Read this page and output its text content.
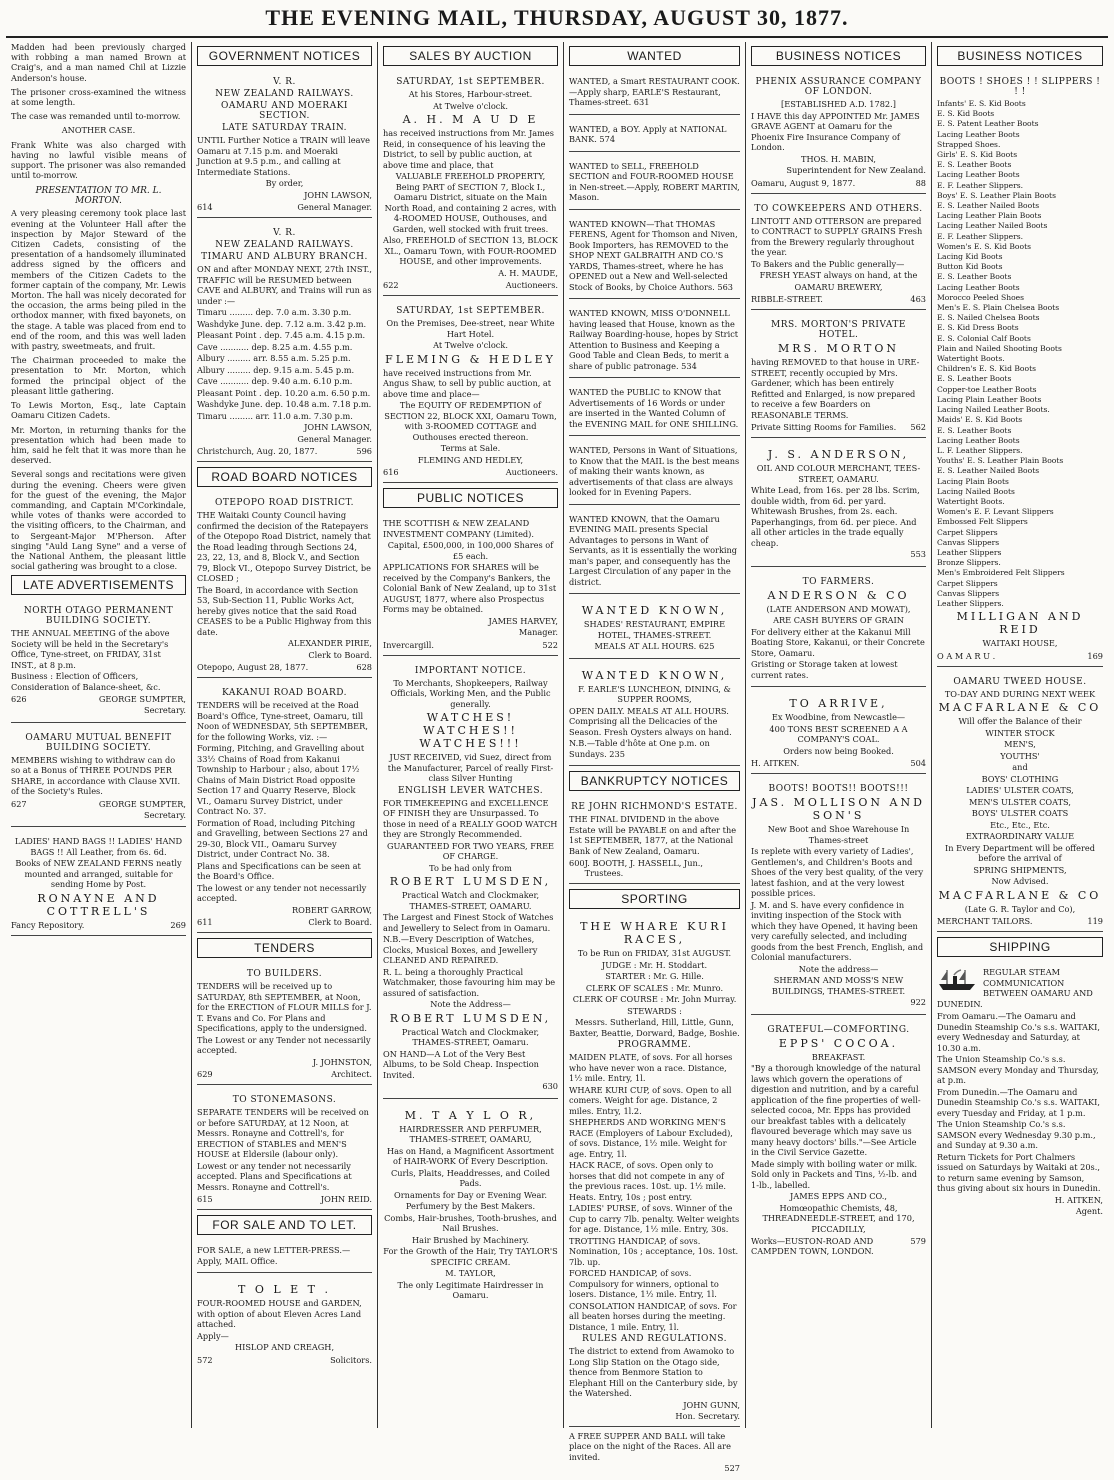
THE EVENING MAIL, THURSDAY, AUGUST 30, 1877.

Madden had been previously charged with robbing a man named Brown at Craig's, and a man named Chil at Lizzie Anderson's house.

The prisoner cross-examined the witness at some length.

The case was remanded until to-morrow.

ANOTHER CASE.

Frank White was also charged with having no lawful visible means of support. The prisoner was also remanded until to-morrow.

PRESENTATION TO MR. L. MORTON.

A very pleasing ceremony took place last evening at the Volunteer Hall after the inspection by Major Steward of the Citizen Cadets, consisting of the presentation of a handsomely illuminated address signed by the officers and members of the Citizen Cadets to the former captain of the company, Mr. Lewis Morton. The hall was nicely decorated for the occasion, the arms being piled in the orthodox manner, with fixed bayonets, on the stage. A table was placed from end to end of the room, and this was well laden with pastry, sweetmeats, and fruit.

The Chairman proceeded to make the presentation to Mr. Morton, which formed the principal object of the pleasant little gathering.

To Lewis Morton, Esq., late Captain Oamaru Citizen Cadets.

Mr. Morton, in returning thanks for the presentation which had been made to him, said he felt that it was more than he deserved.

Several songs and recitations were given during the evening. Cheers were given for the guest of the evening, the Major commanding, and Captain M'Corkindale, while votes of thanks were accorded to the visiting officers, to the Chairman, and to Sergeant-Major M'Pherson. After singing "Auld Lang Syne" and a verse of the National Anthem, the pleasant little social gathering was brought to a close.

LATE ADVERTISEMENTS
NORTH OTAGO PERMANENT BUILDING SOCIETY.
THE ANNUAL MEETING of the above Society will be held in the Secretary's Office, Tyne-street, on FRIDAY, 31st INST., at 8 p.m.
Business : Election of Officers, Consideration of Balance-sheet, &c.
626	GEORGE SUMPTER,
Secretary.
OAMARU MUTUAL BENEFIT BUILDING SOCIETY.
MEMBERS wishing to withdraw can do so at a Bonus of THREE POUNDS PER SHARE, in accordance with Clause XVII. of the Society's Rules.
627	GEORGE SUMPTER,
Secretary.
LADIES' HAND BAGS !! LADIES' HAND BAGS !! All Leather, from 6s. 6d.
Books of NEW ZEALAND FERNS neatly mounted and arranged, suitable for sending Home by Post.
RONAYNE AND COTTRELL'S
Fancy Repository.	269
GOVERNMENT NOTICES
V. R.
NEW ZEALAND RAILWAYS.
OAMARU AND MOERAKI SECTION.
LATE SATURDAY TRAIN.
UNTIL Further Notice a TRAIN will leave Oamaru at 7.15 p.m. and Moeraki Junction at 9.5 p.m., and calling at Intermediate Stations.
By order,
JOHN LAWSON,
614	General Manager.
V. R.
NEW ZEALAND RAILWAYS.
TIMARU AND ALBURY BRANCH.
ON and after MONDAY NEXT, 27th INST., TRAFFIC will be RESUMED between CAVE and ALBURY, and Trains will run as under :—
Timaru ......... dep. 7.0 a.m. 3.30 p.m.
Washdyke June. dep. 7.12 a.m. 3.42 p.m.
Pleasant Point . dep. 7.45 a.m. 4.15 p.m.
Cave ........... dep. 8.25 a.m. 4.55 p.m.
Albury ......... arr. 8.55 a.m. 5.25 p.m.
Albury ......... dep. 9.15 a.m. 5.45 p.m.
Cave ........... dep. 9.40 a.m. 6.10 p.m.
Pleasant Point . dep. 10.20 a.m. 6.50 p.m.
Washdyke June. dep. 10.48 a.m. 7.18 p.m.
Timaru ......... arr. 11.0 a.m. 7.30 p.m.
JOHN LAWSON,
General Manager.
Christchurch, Aug. 20, 1877.	596
ROAD BOARD NOTICES
OTEPOPO ROAD DISTRICT.
THE Waitaki County Council having confirmed the decision of the Ratepayers of the Otepopo Road District, namely that the Road leading through Sections 24, 23, 22, 13, and 8, Block V., and Section 79, Block VI., Otepopo Survey District, be CLOSED ;
The Board, in accordance with Section 53, Sub-Section 11, Public Works Act, hereby gives notice that the said Road CEASES to be a Public Highway from this date.
ALEXANDER PIRIE,
Clerk to Board.
Otepopo, August 28, 1877.	628
KAKANUI ROAD BOARD.
TENDERS will be received at the Road Board's Office, Tyne-street, Oamaru, till Noon of WEDNESDAY, 5th SEPTEMBER, for the following Works, viz. :—
Forming, Pitching, and Gravelling about 33½ Chains of Road from Kakanui Township to Harbour ; also, about 17½ Chains of Main District Road opposite Section 17 and Quarry Reserve, Block VI., Oamaru Survey District, under Contract No. 37.
Formation of Road, including Pitching and Gravelling, between Sections 27 and 29-30, Block VII., Oamaru Survey District, under Contract No. 38.
Plans and Specifications can be seen at the Board's Office.
The lowest or any tender not necessarily accepted.
ROBERT GARROW,
611	Clerk to Board.
TENDERS
TO BUILDERS.
TENDERS will be received up to SATURDAY, 8th SEPTEMBER, at Noon, for the ERECTION of FLOUR MILLS for J. T. Evans and Co. For Plans and Specifications, apply to the undersigned.
The Lowest or any Tender not necessarily accepted.
J. JOHNSTON,
629	Architect.
TO STONEMASONS.
SEPARATE TENDERS will be received on or before SATURDAY, at 12 Noon, at Messrs. Ronayne and Cottrell's, for ERECTION of STABLES and MEN'S HOUSE at Eldersile (labour only).
Lowest or any tender not necessarily accepted. Plans and Specifications at Messrs. Ronayne and Cottrell's.
615	JOHN REID.
FOR SALE AND TO LET.
FOR SALE, a new LETTER-PRESS.— Apply, MAIL Office.
T O L E T .
FOUR-ROOMED HOUSE and GARDEN, with option of about Eleven Acres Land attached.
Apply—
HISLOP AND CREAGH,
572	Solicitors.
SALES BY AUCTION
SATURDAY, 1st SEPTEMBER.
At his Stores, Harbour-street.
At Twelve o'clock.
A. H. M A U D E
has received instructions from Mr. James Reid, in consequence of his leaving the District, to sell by public auction, at above time and place, that
VALUABLE FREEHOLD PROPERTY, Being PART of SECTION 7, Block I., Oamaru District, situate on the Main North Road, and containing 2 acres, with 4-ROOMED HOUSE, Outhouses, and Garden, well stocked with fruit trees.
Also, FREEHOLD of SECTION 13, BLOCK XL., Oamaru Town, with FOUR-ROOMED HOUSE, and other improvements.
A. H. MAUDE,
622	Auctioneers.
SATURDAY, 1st SEPTEMBER.
On the Premises, Dee-street, near White Hart Hotel.
At Twelve o'clock.
FLEMING & HEDLEY
have received instructions from Mr. Angus Shaw, to sell by public auction, at above time and place—
The EQUITY OF REDEMPTION of SECTION 22, BLOCK XXI, Oamaru Town, with 3-ROOMED COTTAGE and Outhouses erected thereon.
Terms at Sale.
FLEMING AND HEDLEY,
616	Auctioneers.
PUBLIC NOTICES
THE SCOTTISH & NEW ZEALAND INVESTMENT COMPANY (Limited).
Capital, £500,000, in 100,000 Shares of £5 each.
APPLICATIONS FOR SHARES will be received by the Company's Bankers, the Colonial Bank of New Zealand, up to 31st AUGUST, 1877, where also Prospectus Forms may be obtained.
JAMES HARVEY,
Manager.
Invercargill.	522
IMPORTANT NOTICE.
To Merchants, Shopkeepers, Railway Officials, Working Men, and the Public generally.
WATCHES! WATCHES!! WATCHES!!!
JUST RECEIVED, vid Suez, direct from the Manufacturer, Parcel of really First-class Silver Hunting
ENGLISH LEVER WATCHES.
FOR TIMEKEEPING and EXCELLENCE OF FINISH they are Unsurpassed. To those in need of a REALLY GOOD WATCH they are Strongly Recommended.
GUARANTEED FOR TWO YEARS, FREE OF CHARGE.
To be had only from
ROBERT LUMSDEN,
Practical Watch and Clockmaker, THAMES-STREET, OAMARU.
The Largest and Finest Stock of Watches and Jewellery to Select from in Oamaru.
N.B.—Every Description of Watches, Clocks, Musical Boxes, and Jewellery CLEANED AND REPAIRED.
R. L. being a thoroughly Practical Watchmaker, those favouring him may be assured of satisfaction.
Note the Address—
ROBERT LUMSDEN,
Practical Watch and Clockmaker, THAMES-STREET, Oamaru.
ON HAND—A Lot of the Very Best Albums, to be Sold Cheap. Inspection Invited.
630
M. T A Y L O R,
HAIRDRESSER AND PERFUMER, THAMES-STREET, OAMARU,
Has on Hand, a Magnificent Assortment of HAIR-WORK Of Every Description.
Curls, Plaits, Headdresses, and Coiled Pads.
Ornaments for Day or Evening Wear.
Perfumery by the Best Makers.
Combs, Hair-brushes, Tooth-brushes, and Nail Brushes.
Hair Brushed by Machinery.
For the Growth of the Hair, Try TAYLOR'S SPECIFIC CREAM.
M. TAYLOR,
The only Legitimate Hairdresser in Oamaru.
WANTED
WANTED, a Smart RESTAURANT COOK.—Apply sharp, EARLE'S Restaurant, Thames-street. 631
WANTED, a BOY. Apply at NATIONAL BANK. 574
WANTED to SELL, FREEHOLD SECTION and FOUR-ROOMED HOUSE in Nen-street.—Apply, ROBERT MARTIN, Mason.
WANTED KNOWN—That THOMAS FERENS, Agent for Thomson and Niven, Book Importers, has REMOVED to the SHOP NEXT GALBRAITH AND CO.'S YARDS, Thames-street, where he has OPENED out a New and Well-selected Stock of Books, by Choice Authors. 563
WANTED KNOWN, MISS O'DONNELL having leased that House, known as the Railway Boarding-house, hopes by Strict Attention to Business and Keeping a Good Table and Clean Beds, to merit a share of public patronage. 534
WANTED the PUBLIC to KNOW that Advertisements of 16 Words or under are inserted in the Wanted Column of the EVENING MAIL for ONE SHILLING.
WANTED, Persons in Want of Situations, to Know that the MAIL is the best means of making their wants known, as advertisements of that class are always looked for in Evening Papers.
WANTED KNOWN, that the Oamaru EVENING MAIL presents Special Advantages to persons in Want of Servants, as it is essentially the working man's paper, and consequently has the Largest Circulation of any paper in the district.
WANTED KNOWN,
SHADES' RESTAURANT, EMPIRE HOTEL, THAMES-STREET.
MEALS AT ALL HOURS. 625
WANTED KNOWN,
F. EARLE'S LUNCHEON, DINING, & SUPPER ROOMS,
OPEN DAILY. MEALS AT ALL HOURS. Comprising all the Delicacies of the Season. Fresh Oysters always on hand.
N.B.—Table d'hôte at One p.m. on Sundays. 235
BANKRUPTCY NOTICES
RE JOHN RICHMOND'S ESTATE.
THE FINAL DIVIDEND in the above Estate will be PAYABLE on and after the 1st SEPTEMBER, 1877, at the National Bank of New Zealand, Oamaru.
600 J. BOOTH, J. HASSELL, Jun., Trustees.
SPORTING
THE WHARE KURI RACES,
To be Run on FRIDAY, 31st AUGUST.
JUDGE : Mr. H. Stoddart.
STARTER : Mr. G. Hille.
CLERK OF SCALES : Mr. Munro.
CLERK OF COURSE : Mr. John Murray.
STEWARDS :
Messrs. Sutherland, Hill, Little, Gunn, Baxter, Beattie, Dorward, Badge, Boshie.
PROGRAMME.
MAIDEN PLATE, of sovs. For all horses who have never won a race. Distance, 1½ mile. Entry, 1l.
WHARE KURI CUP, of sovs. Open to all comers. Weight for age. Distance, 2 miles. Entry, 1l.2.
SHEPHERDS AND WORKING MEN'S RACE (Employers of Labour Excluded), of sovs. Distance, 1½ mile. Weight for age. Entry, 1l.
HACK RACE, of sovs. Open only to horses that did not compete in any of the previous races. 10st. up. 1½ mile. Heats. Entry, 10s ; post entry.
LADIES' PURSE, of sovs. Winner of the Cup to carry 7lb. penalty. Welter weights for age. Distance, 1½ mile. Entry, 30s.
TROTTING HANDICAP, of sovs. Nomination, 10s ; acceptance, 10s. 10st. 7lb. up.
FORCED HANDICAP, of sovs. Compulsory for winners, optional to losers. Distance, 1½ mile. Entry, 1l.
CONSOLATION HANDICAP, of sovs. For all beaten horses during the meeting. Distance, 1 mile. Entry, 1l.
RULES AND REGULATIONS.
The district to extend from Awamoko to Long Slip Station on the Otago side, thence from Benmore Station to Elephant Hill on the Canterbury side, by the Watershed.
JOHN GUNN,
Hon. Secretary.
A FREE SUPPER AND BALL will take place on the night of the Races. All are invited.
527
BUSINESS NOTICES
PHENIX ASSURANCE COMPANY OF LONDON.
[ESTABLISHED A.D. 1782.]
I HAVE this day APPOINTED Mr. JAMES GRAVE AGENT at Oamaru for the Phoenix Fire Insurance Company of London.
THOS. H. MABIN,
Superintendent for New Zealand.
Oamaru, August 9, 1877.	88
TO COWKEEPERS AND OTHERS.
LINTOTT AND OTTERSON are prepared to CONTRACT to SUPPLY GRAINS Fresh from the Brewery regularly throughout the year.
To Bakers and the Public generally—
FRESH YEAST always on hand, at the
OAMARU BREWERY,
RIBBLE-STREET.	463
MRS. MORTON'S PRIVATE HOTEL.
MRS. MORTON
having REMOVED to that house in URE-STREET, recently occupied by Mrs. Gardener, which has been entirely Refitted and Enlarged, is now prepared to receive a few Boarders on REASONABLE TERMS.
Private Sitting Rooms for Families. 562
J. S. ANDERSON,
OIL AND COLOUR MERCHANT, TEES-STREET, OAMARU.
White Lead, from 16s. per 28 lbs. Scrim, double width, from 6d. per yard. Whitewash Brushes, from 2s. each. Paperhangings, from 6d. per piece. And all other articles in the trade equally cheap.
553
TO FARMERS.
ANDERSON & CO
(LATE ANDERSON AND MOWAT),
ARE CASH BUYERS OF GRAIN
For delivery either at the Kakanui Mill Boating Store, Kakanui, or their Concrete Store, Oamaru.
Gristing or Storage taken at lowest current rates.
TO ARRIVE,
Ex Woodbine, from Newcastle—
400 TONS BEST SCREENED A A COMPANY'S COAL.
Orders now being Booked.
H. AITKEN.	504
BOOTS! BOOTS!! BOOTS!!!
JAS. MOLLISON AND SON'S
New Boot and Shoe Warehouse In Thames-street
Is replete with every variety of Ladies', Gentlemen's, and Children's Boots and Shoes of the very best quality, of the very latest fashion, and at the very lowest possible prices.
J. M. and S. have every confidence in inviting inspection of the Stock with which they have Opened, it having been very carefully selected, and including goods from the best French, English, and Colonial manufacturers.
Note the address—
SHERMAN AND MOSS'S NEW BUILDINGS, THAMES-STREET.
922
GRATEFUL—COMFORTING.
EPPS' COCOA.
BREAKFAST.
"By a thorough knowledge of the natural laws which govern the operations of digestion and nutrition, and by a careful application of the fine properties of well-selected cocoa, Mr. Epps has provided our breakfast tables with a delicately flavoured beverage which may save us many heavy doctors' bills."—See Article in the Civil Service Gazette.
Made simply with boiling water or milk. Sold only in Packets and Tins, ½-lb. and 1-lb., labelled.
JAMES EPPS AND CO.,
Homœopathic Chemists, 48, THREADNEEDLE-STREET, and 170, PICCADILLY,
Works—EUSTON-ROAD AND CAMPDEN TOWN, LONDON.
579
BUSINESS NOTICES
BOOTS ! SHOES ! ! SLIPPERS ! ! !
Infants' E. S. Kid Boots
E. S. Kid Boots
E. S. Patent Leather Boots
Lacing Leather Boots
Strapped Shoes.
Girls' E. S. Kid Boots
E. S. Leather Boots
Lacing Leather Boots
E. F. Leather Slippers.
Boys' E. S. Leather Plain Boots
E. S. Leather Nailed Boots
Lacing Leather Plain Boots
Lacing Leather Nailed Boots
E. F. Leather Slippers.
Women's E. S. Kid Boots
Lacing Kid Boots
Button Kid Boots
E. S. Leather Boots
Lacing Leather Boots
Morocco Peeled Shoes
Men's E. S. Plain Chelsea Boots
E. S. Nailed Chelsea Boots
E. S. Kid Dress Boots
E. S. Colonial Calf Boots
Plain and Nailed Shooting Boots
Watertight Boots.
Children's E. S. Kid Boots
E. S. Leather Boots
Copper-toe Leather Boots
Lacing Plain Leather Boots
Lacing Nailed Leather Boots.
Maids' E. S. Kid Boots
E. S. Leather Boots
Lacing Leather Boots
L. F. Leather Slippers.
Youths' E. S. Leather Plain Boots
E. S. Leather Nailed Boots
Lacing Plain Boots
Lacing Nailed Boots
Watertight Boots.
Women's E. F. Levant Slippers
Embossed Felt Slippers
Carpet Slippers
Canvas Slippers
Leather Slippers
Bronze Slippers.
Men's Embroidered Felt Slippers
Carpet Slippers
Canvas Slippers
Leather Slippers.
MILLIGAN AND REID
WAITAKI HOUSE,
O A M A R U .	169
OAMARU TWEED HOUSE.
TO-DAY AND DURING NEXT WEEK
MACFARLANE & CO
Will offer the Balance of their
WINTER STOCK
MEN'S,
YOUTHS'
and
BOYS' CLOTHING
LADIES' ULSTER COATS,
MEN'S ULSTER COATS,
BOYS' ULSTER COATS
Etc., Etc., Etc.
EXTRAORDINARY VALUE
In Every Department will be offered before the arrival of
SPRING SHIPMENTS,
Now Advised.
MACFARLANE & CO
(Late G. R. Taylor and Co),
MERCHANT TAILORS.	119
SHIPPING
REGULAR STEAM COMMUNICATION BETWEEN OAMARU AND DUNEDIN.
From Oamaru.—The Oamaru and Dunedin Steamship Co.'s s.s. WAITAKI, every Wednesday and Saturday, at 10.30 a.m.
The Union Steamship Co.'s s.s. SAMSON every Monday and Thursday, at p.m.
From Dunedin.—The Oamaru and Dunedin Steamship Co.'s s.s. WAITAKI, every Tuesday and Friday, at 1 p.m.
The Union Steamship Co.'s s.s. SAMSON every Wednesday 9.30 p.m., and Sunday at 9.30 a.m.
Return Tickets for Port Chalmers issued on Saturdays by Waitaki at 20s., to return same evening by Samson, thus giving about six hours in Dunedin.
H. AITKEN,
Agent.
